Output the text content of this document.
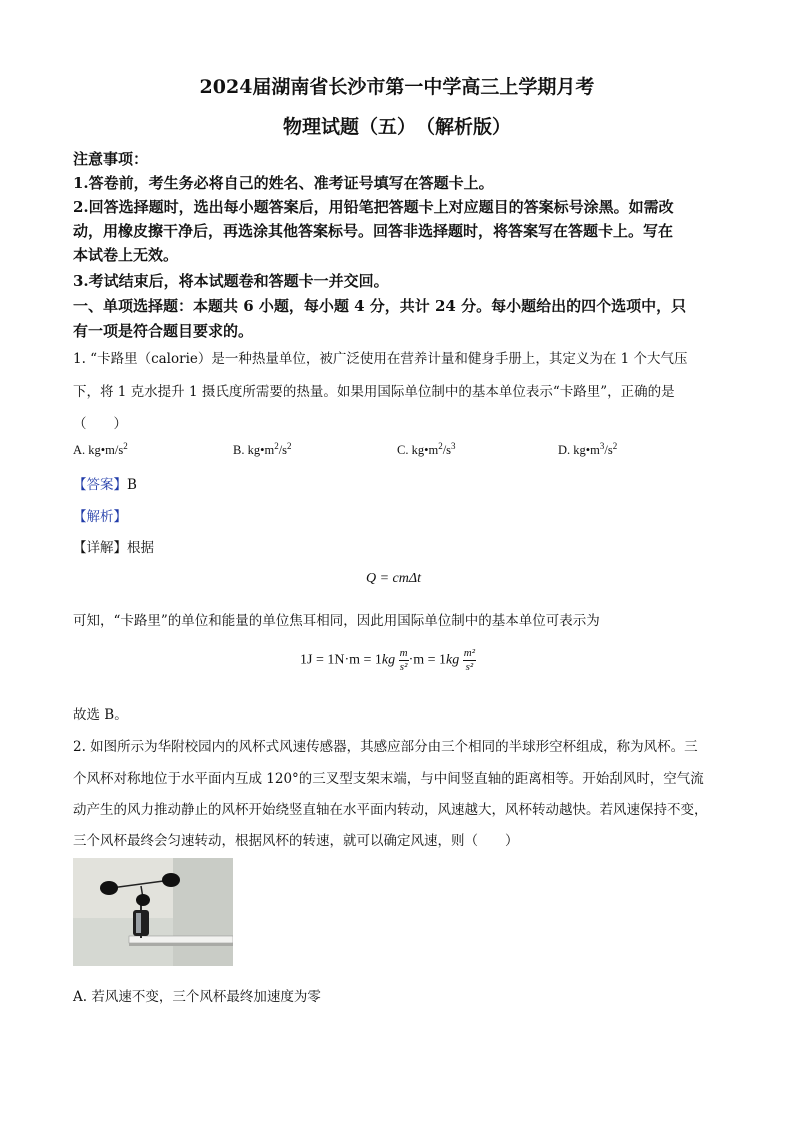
2024届湖南省长沙市第一中学高三上学期月考
物理试题（五）　（解析版）
注意事项：
1.答卷前，考生务必将自己的姓名、准考证号填写在答题卡上。
2.回答选择题时，选出每小题答案后，用铅笔把答题卡上对应题目的答案标号涂黑。如需改
动，用橡皮擦干净后，再选涂其他答案标号。回答非选择题时，将答案写在答题卡上。写在
本试卷上无效。
3.考试结束后，将本试题卷和答题卡一并交回。
一、单项选择题：本题共 6 小题，每小题 4 分，共计 24 分。每小题给出的四个选项中，只
有一项是符合题目要求的。
1. “卡路里（calorie）是一种热量单位，被广泛使用在营养计量和健身手册上，其定义为在 1 个大气压
下，将 1 克水提升 1 摄氏度所需要的热量。如果用国际单位制中的基本单位表示“卡路里”，正确的是
（　　）
A. $kg•m/s^2$	B. $kg•m^2/s^2$	C. $kg•m^2/s^3$	D. $kg•m^3/s^2$
【答案】B
【解析】
【详解】根据
Q = cmΔt
可知，“卡路里”的单位和能量的单位焦耳相同，因此用国际单位制中的基本单位可表示为
$1J = 1N\cdot m = 1kg \frac{m}{\text{s²}} \cdot m = 1kg \frac{\text{m²}}{\text{s²}}$
故选 B。
2. 如图所示为华附校园内的风杯式风速传感器，其感应部分由三个相同的半球形空杯组成，称为风杯。三
个风杯对称地位于水平面内互成 120°的三叉型支架末端，与中间竖直轴的距离相等。开始刮风时，空气流
动产生的风力推动静止的风杯开始绕竖直轴在水平面内转动，风速越大，风杯转动越快。若风速保持不变，
三个风杯最终会匀速转动，根据风杯的转速，就可以确定风速，则（　　）
A. 若风速不变，三个风杯最终加速度为零
